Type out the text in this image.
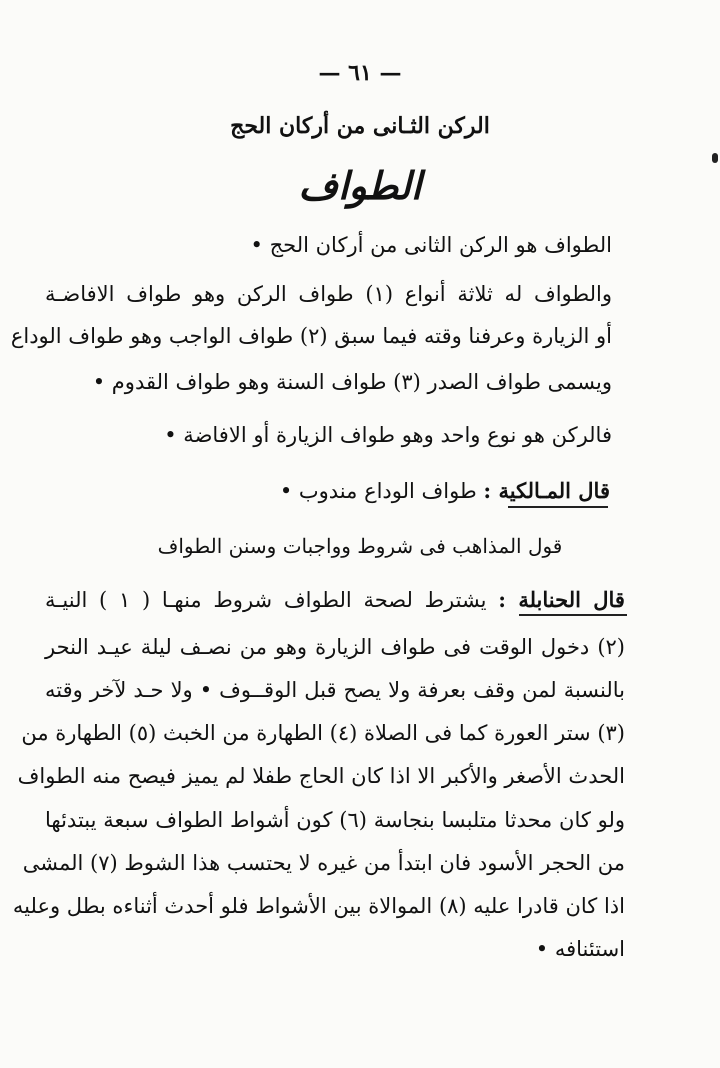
— ٦١ —
الركن الثـانى من أركان الحج
الطواف
الطواف هو الركن الثانى من أركان الحج •
والطواف له ثلاثة أنواع (١) طواف الركن وهو طواف الافاضـة
أو الزيارة وعرفنا وقته فيما سبق (٢) طواف الواجب وهو طواف الوداع
ويسمى طواف الصدر (٣) طواف السنة وهو طواف القدوم •
فالركن هو نوع واحد وهو طواف الزيارة أو الافاضة •
قال المـالكية : طواف الوداع مندوب •
قول المذاهب فى شروط وواجبات وسنن الطواف
قال الحنابلة : يشترط لصحة الطواف شروط منهـا ( ١ ) النيـة
(٢) دخول الوقت فى طواف الزيارة وهو من نصـف ليلة عيـد النحر
بالنسبة لمن وقف بعرفة ولا يصح قبل الوقــوف • ولا حـد لآخر وقته
(٣) ستر العورة كما فى الصلاة (٤) الطهارة من الخبث (٥) الطهارة من
الحدث الأصغر والأكبر الا اذا كان الحاج طفلا لم يميز فيصح منه الطواف
ولو كان محدثا متلبسا بنجاسة (٦) كون أشواط الطواف سبعة يبتدئها
من الحجر الأسود فان ابتدأ من غيره لا يحتسب هذا الشوط (٧) المشى
اذا كان قادرا عليه (٨) الموالاة بين الأشواط فلو أحدث أثناءه بطل وعليه
استئنافه •
